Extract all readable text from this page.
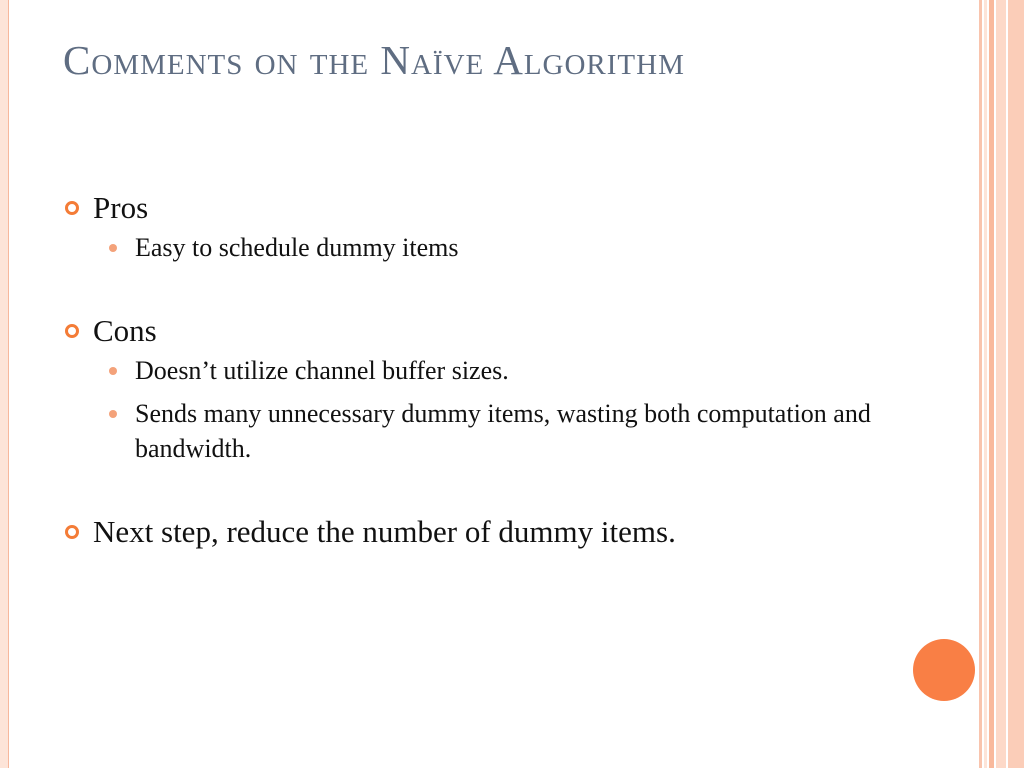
Comments on the Naïve Algorithm
Pros
Easy to schedule dummy items
Cons
Doesn’t utilize channel buffer sizes.
Sends many unnecessary dummy items, wasting both computation and bandwidth.
Next step, reduce the number of dummy items.
